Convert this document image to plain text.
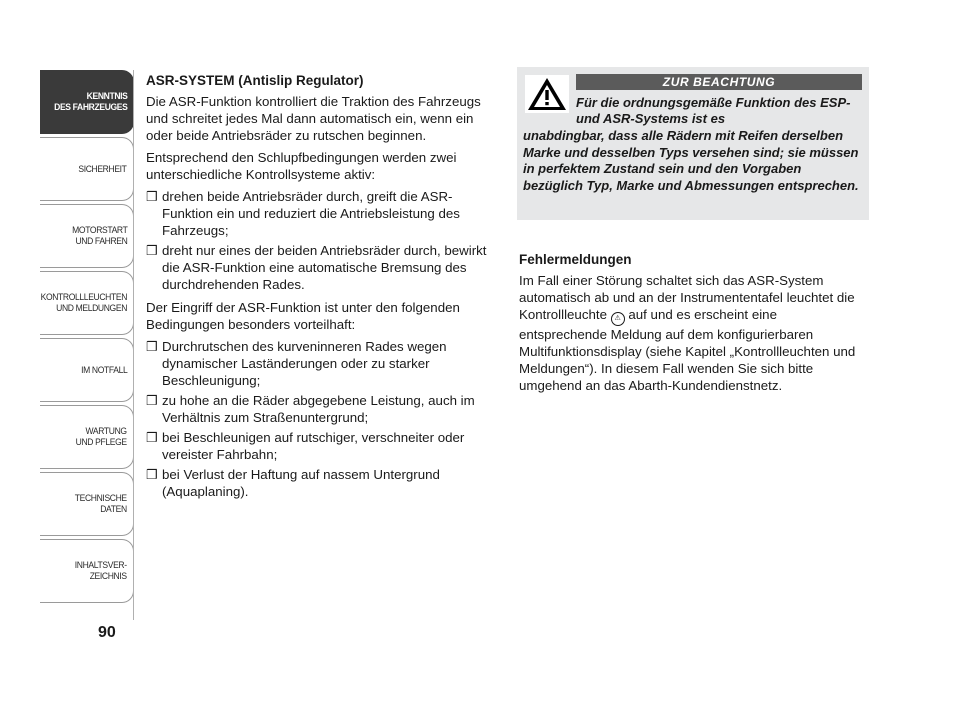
KENNTNIS
DES FAHRZEUGES
SICHERHEIT
MOTORSTART
UND FAHREN
KONTROLLLEUCHTEN
UND MELDUNGEN
IM NOTFALL
WARTUNG
UND PFLEGE
TECHNISCHE
DATEN
INHALTSVER-
ZEICHNIS
90

ASR-SYSTEM (Antislip Regulator)

Die ASR-Funktion kontrolliert die Traktion des Fahrzeugs und schreitet jedes Mal dann automatisch ein, wenn ein oder beide Antriebsräder zu rutschen beginnen.

Entsprechend den Schlupfbedingungen werden zwei unterschiedliche Kontrollsysteme aktiv:

❒ drehen beide Antriebsräder durch, greift die ASR-Funktion ein und reduziert die Antriebsleistung des Fahrzeugs;
❒ dreht nur eines der beiden Antriebsräder durch, bewirkt die ASR-Funktion eine automatische Bremsung des durchdrehenden Rades.

Der Eingriff der ASR-Funktion ist unter den folgenden Bedingungen besonders vorteilhaft:

❒ Durchrutschen des kurveninneren Rades wegen dynamischer Laständerungen oder zu starker Beschleunigung;
❒ zu hohe an die Räder abgegebene Leistung, auch im Verhältnis zum Straßenuntergrund;
❒ bei Beschleunigen auf rutschiger, verschneiter oder vereister Fahrbahn;
❒ bei Verlust der Haftung auf nassem Untergrund (Aquaplaning).
ZUR BEACHTUNG
Für die ordnungsgemäße Funktion des ESP- und ASR-Systems ist es
unabdingbar, dass alle Rädern mit Reifen derselben Marke und desselben Typs versehen sind; sie müssen in perfektem Zustand sein und den Vorgaben bezüglich Typ, Marke und Abmessungen entsprechen.

Fehlermeldungen

Im Fall einer Störung schaltet sich das ASR-System automatisch ab und an der Instrumententafel leuchtet die Kontrollleuchte ⚠ auf und es erscheint eine entsprechende Meldung auf dem konfigurierbaren Multifunktionsdisplay (siehe Kapitel „Kontrollleuchten und Meldungen“). In diesem Fall wenden Sie sich bitte umgehend an das Abarth-Kundendienstnetz.
